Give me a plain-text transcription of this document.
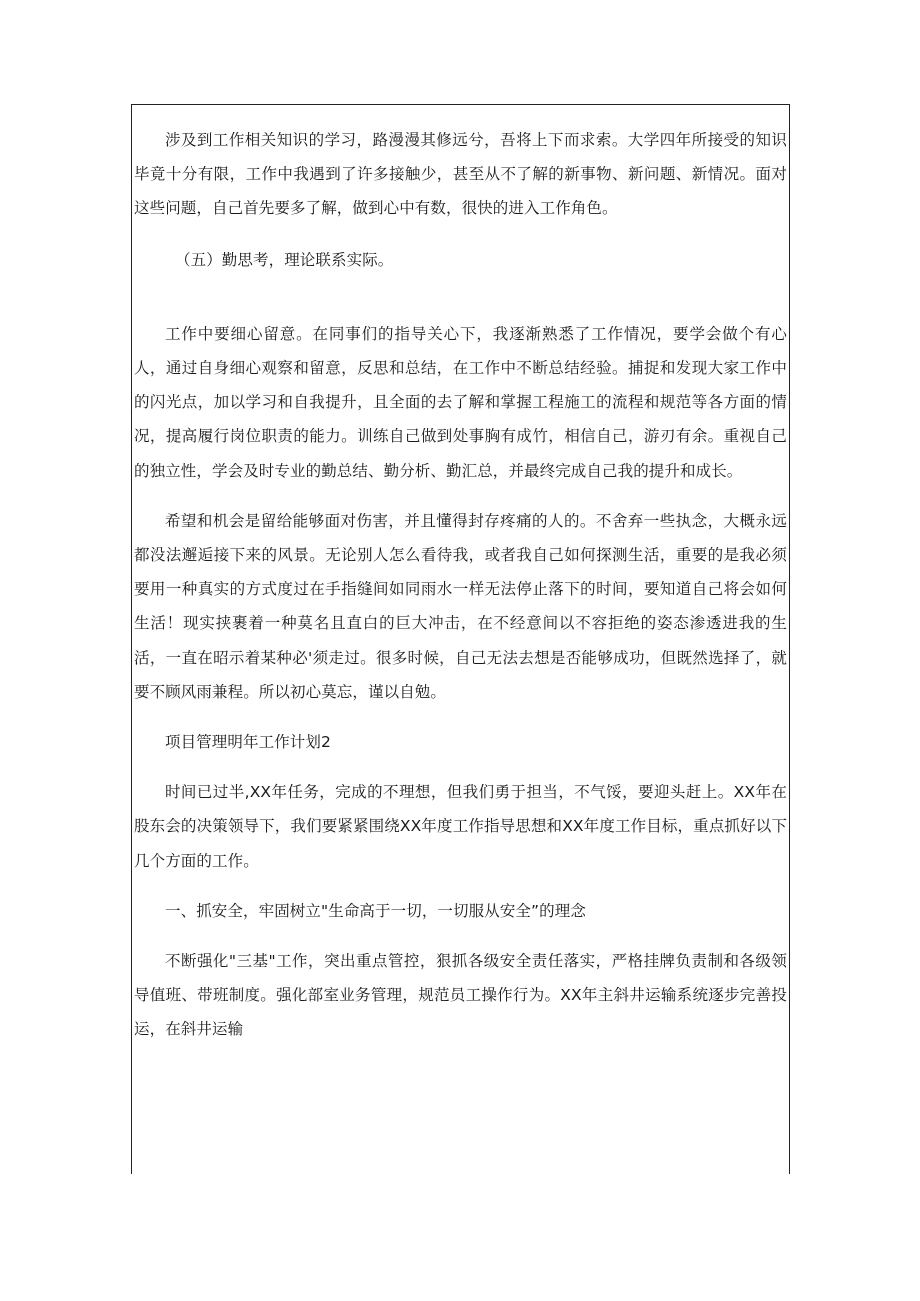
涉及到工作相关知识的学习，路漫漫其修远兮，吾将上下而求索。大学四年所接受的知识毕竟十分有限，工作中我遇到了许多接触少，甚至从不了解的新事物、新问题、新情况。面对这些问题，自己首先要多了解，做到心中有数，很快的进入工作角色。

（五）勤思考，理论联系实际。

工作中要细心留意。在同事们的指导关心下，我逐渐熟悉了工作情况，要学会做个有心人，通过自身细心观察和留意，反思和总结，在工作中不断总结经验。捕捉和发现大家工作中的闪光点，加以学习和自我提升，且全面的去了解和掌握工程施工的流程和规范等各方面的情况，提高履行岗位职责的能力。训练自己做到处事胸有成竹，相信自己，游刃有余。重视自己的独立性，学会及时专业的勤总结、勤分析、勤汇总，并最终完成自己我的提升和成长。

希望和机会是留给能够面对伤害，并且懂得封存疼痛的人的。不舍弃一些执念，大概永远都没法邂逅接下来的风景。无论别人怎么看待我，或者我自己如何探测生活，重要的是我必须要用一种真实的方式度过在手指缝间如同雨水一样无法停止落下的时间，要知道自己将会如何生活！现实挟裹着一种莫名且直白的巨大冲击，在不经意间以不容拒绝的姿态渗透进我的生活，一直在昭示着某种必'须走过。很多时候，自己无法去想是否能够成功，但既然选择了，就要不顾风雨兼程。所以初心莫忘，谨以自勉。

项目管理明年工作计划2

时间已过半,XX年任务，完成的不理想，但我们勇于担当，不气馁，要迎头赶上。XX年在股东会的决策领导下，我们要紧紧围绕XX年度工作指导思想和XX年度工作目标，重点抓好以下几个方面的工作。

一、抓安全，牢固树立"生命高于一切，一切服从安全”的理念

不断强化"三基"工作，突出重点管控，狠抓各级安全责任落实，严格挂牌负责制和各级领导值班、带班制度。强化部室业务管理，规范员工操作行为。XX年主斜井运输系统逐步完善投运，在斜井运输
